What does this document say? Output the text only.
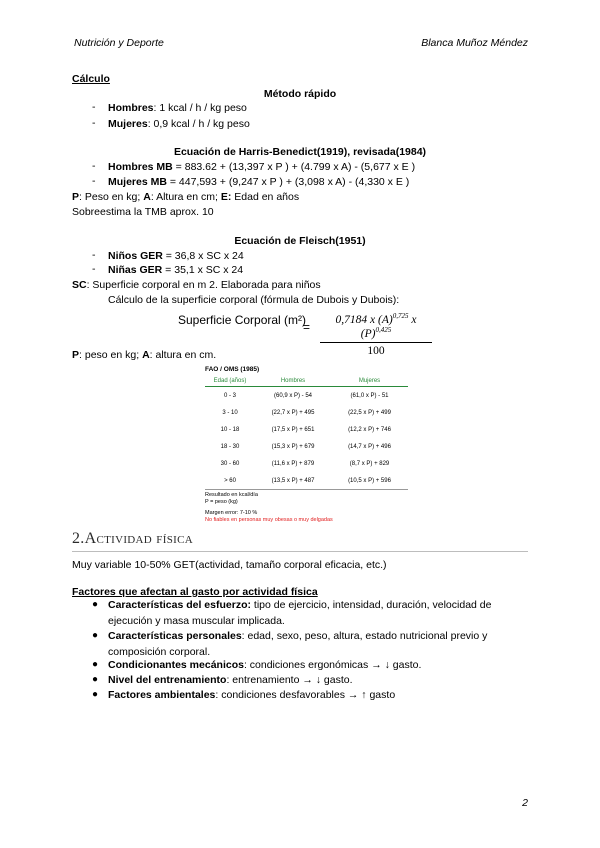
Nutrición y Deporte	Blanca Muñoz Méndez
Cálculo
Método rápido
- Hombres: 1 kcal / h / kg peso
- Mujeres: 0,9 kcal / h / kg peso
Ecuación de Harris-Benedict(1919), revisada(1984)
- Hombres MB = 883.62 + (13,397 x P ) + (4.799 x A) - (5,677 x E )
- Mujeres MB = 447,593 + (9,247 x P ) + (3,098 x A) - (4,330 x E )
P: Peso en kg; A: Altura en cm; E: Edad en años
Sobreestima la TMB aprox. 10
Ecuación de Fleisch(1951)
- Niños GER = 36,8 x SC x 24
- Niñas GER = 35,1 x SC x 24
SC: Superficie corporal en m 2. Elaborada para niños
Cálculo de la superficie corporal (fórmula de Dubois y Dubois):
Superficie Corporal (m²)
= $\frac{0,7184 x (A)^{0,725} x (P)^{0,425}}{100}$
P: peso en kg; A: altura en cm.
FAO / OMS (1985)
Edad (años)	Hombres	Mujeres
0 - 3	(60,9 x P) - 54	(61,0 x P) - 51
3 - 10	(22,7 x P) + 495	(22,5 x P) + 499
10 - 18	(17,5 x P) + 651	(12,2 x P) + 746
18 - 30	(15,3 x P) + 679	(14,7 x P) + 496
30 - 60	(11,6 x P) + 879	(8,7 x P) + 829
> 60	(13,5 x P) + 487	(10,5 x P) + 596
Resultado en kcal/día
P = peso (kg)
Margen error: 7-10 %
No fiables en personas muy obesas o muy delgadas
2.Actividad física
Muy variable 10-50% GET(actividad, tamaño corporal eficacia, etc.)
Factores que afectan al gasto por actividad física
● Características del esfuerzo: tipo de ejercicio, intensidad, duración, velocidad de ejecución y masa muscular implicada.
● Características personales: edad, sexo, peso, altura, estado nutricional previo y composición corporal.
● Condicionantes mecánicos: condiciones ergonómicas → ↓ gasto.
● Nivel del entrenamiento: entrenamiento → ↓ gasto.
● Factores ambientales: condiciones desfavorables → ↑ gasto
2
